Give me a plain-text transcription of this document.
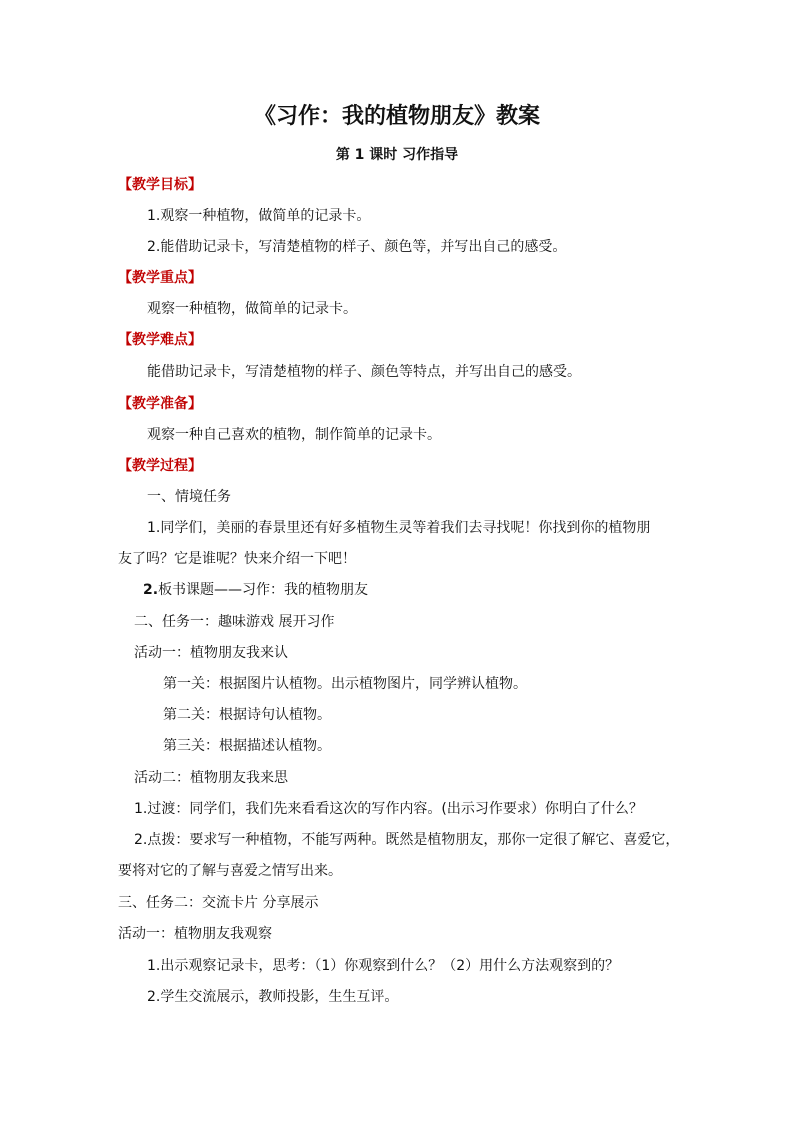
《习作：我的植物朋友》教案
第 1 课时 习作指导
【教学目标】
1.观察一种植物，做简单的记录卡。
2.能借助记录卡，写清楚植物的样子、颜色等，并写出自己的感受。
【教学重点】
观察一种植物，做简单的记录卡。
【教学难点】
能借助记录卡，写清楚植物的样子、颜色等特点，并写出自己的感受。
【教学准备】
观察一种自己喜欢的植物，制作简单的记录卡。
【教学过程】
一、情境任务
1.同学们，美丽的春景里还有好多植物生灵等着我们去寻找呢！你找到你的植物朋
友了吗？它是谁呢？快来介绍一下吧！
2.板书课题——习作：我的植物朋友
二、任务一：趣味游戏 展开习作
活动一：植物朋友我来认
第一关：根据图片认植物。出示植物图片，同学辨认植物。
第二关：根据诗句认植物。
第三关：根据描述认植物。
活动二：植物朋友我来思
1.过渡：同学们，我们先来看看这次的写作内容。(出示习作要求）你明白了什么？
2.点拨：要求写一种植物，不能写两种。既然是植物朋友，那你一定很了解它、喜爱它，
要将对它的了解与喜爱之情写出来。
三、任务二：交流卡片 分享展示
活动一：植物朋友我观察
1.出示观察记录卡，思考：（1）你观察到什么？（2）用什么方法观察到的？
2.学生交流展示，教师投影，生生互评。
